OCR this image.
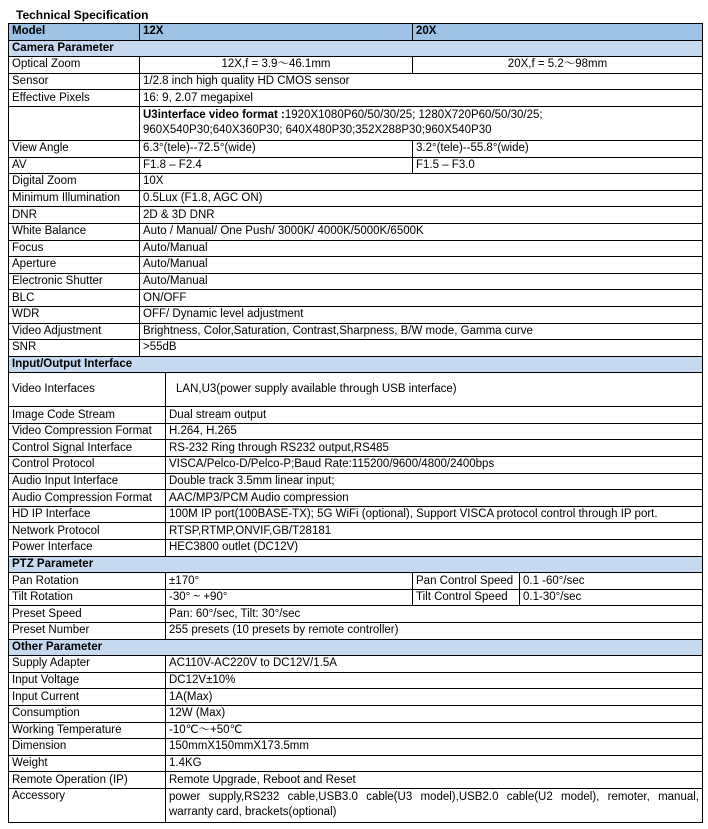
Technical Specification
Model	12X		20X	
Camera Parameter				
Optical Zoom	12X,f = 3.9～46.1mm		20X,f = 5.2～98mm	
Sensor	1/2.8 inch high quality HD CMOS sensor			
Effective Pixels	16: 9, 2.07 megapixel			

	U3interface video format :1920X1080P60/50/30/25; 1280X720P60/50/30/25;
960X540P30;640X360P30; 640X480P30;352X288P30;960X540P30			

View Angle	6.3°(tele)--72.5°(wide)		3.2°(tele)--55.8°(wide)	
AV	F1.8 – F2.4		F1.5 – F3.0	
Digital Zoom	10X			
Minimum Illumination	0.5Lux (F1.8, AGC ON)			
DNR	2D & 3D DNR			
White Balance	Auto / Manual/ One Push/ 3000K/ 4000K/5000K/6500K			
Focus	Auto/Manual			
Aperture	Auto/Manual			
Electronic Shutter	Auto/Manual			
BLC	ON/OFF			
WDR	OFF/ Dynamic level adjustment			
Video Adjustment	Brightness, Color,Saturation, Contrast,Sharpness, B/W mode, Gamma curve			
SNR	>55dB			
Input/Output Interface				
Video Interfaces		LAN,U3(power supply available through USB interface)		
Image Code Stream		Dual stream output		
Video Compression Format		H.264, H.265		
Control Signal Interface		RS-232 Ring through RS232 output,RS485		
Control Protocol		VISCA/Pelco-D/Pelco-P;Baud Rate:115200/9600/4800/2400bps		
Audio Input Interface		Double track 3.5mm linear input;		
Audio Compression Format		AAC/MP3/PCM Audio compression		
HD IP Interface		100M IP port(100BASE-TX); 5G WiFi (optional), Support VISCA protocol control through IP port.		
Network Protocol		RTSP,RTMP,ONVIF,GB/T28181		
Power Interface		HEC3800 outlet (DC12V)		
PTZ Parameter				
Pan Rotation		±170°	Pan Control Speed	0.1 -60°/sec
Tilt Rotation		-30° ~ +90°	Tilt Control Speed	0.1-30°/sec
Preset Speed		Pan: 60°/sec, Tilt: 30°/sec		
Preset Number		255 presets (10 presets by remote controller)		
Other Parameter				
Supply Adapter		AC110V-AC220V to DC12V/1.5A		
Input Voltage		DC12V±10%		
Input Current		1A(Max)		
Consumption		12W (Max)		
Working Temperature		-10℃～+50℃		
Dimension		150mmX150mmX173.5mm		
Weight		1.4KG		
Remote Operation (IP)		Remote Upgrade, Reboot and Reset		
Accessory		power supply,RS232 cable,USB3.0 cable(U3 model),USB2.0 cable(U2 model), remoter, manual, warranty card, brackets(optional)		
